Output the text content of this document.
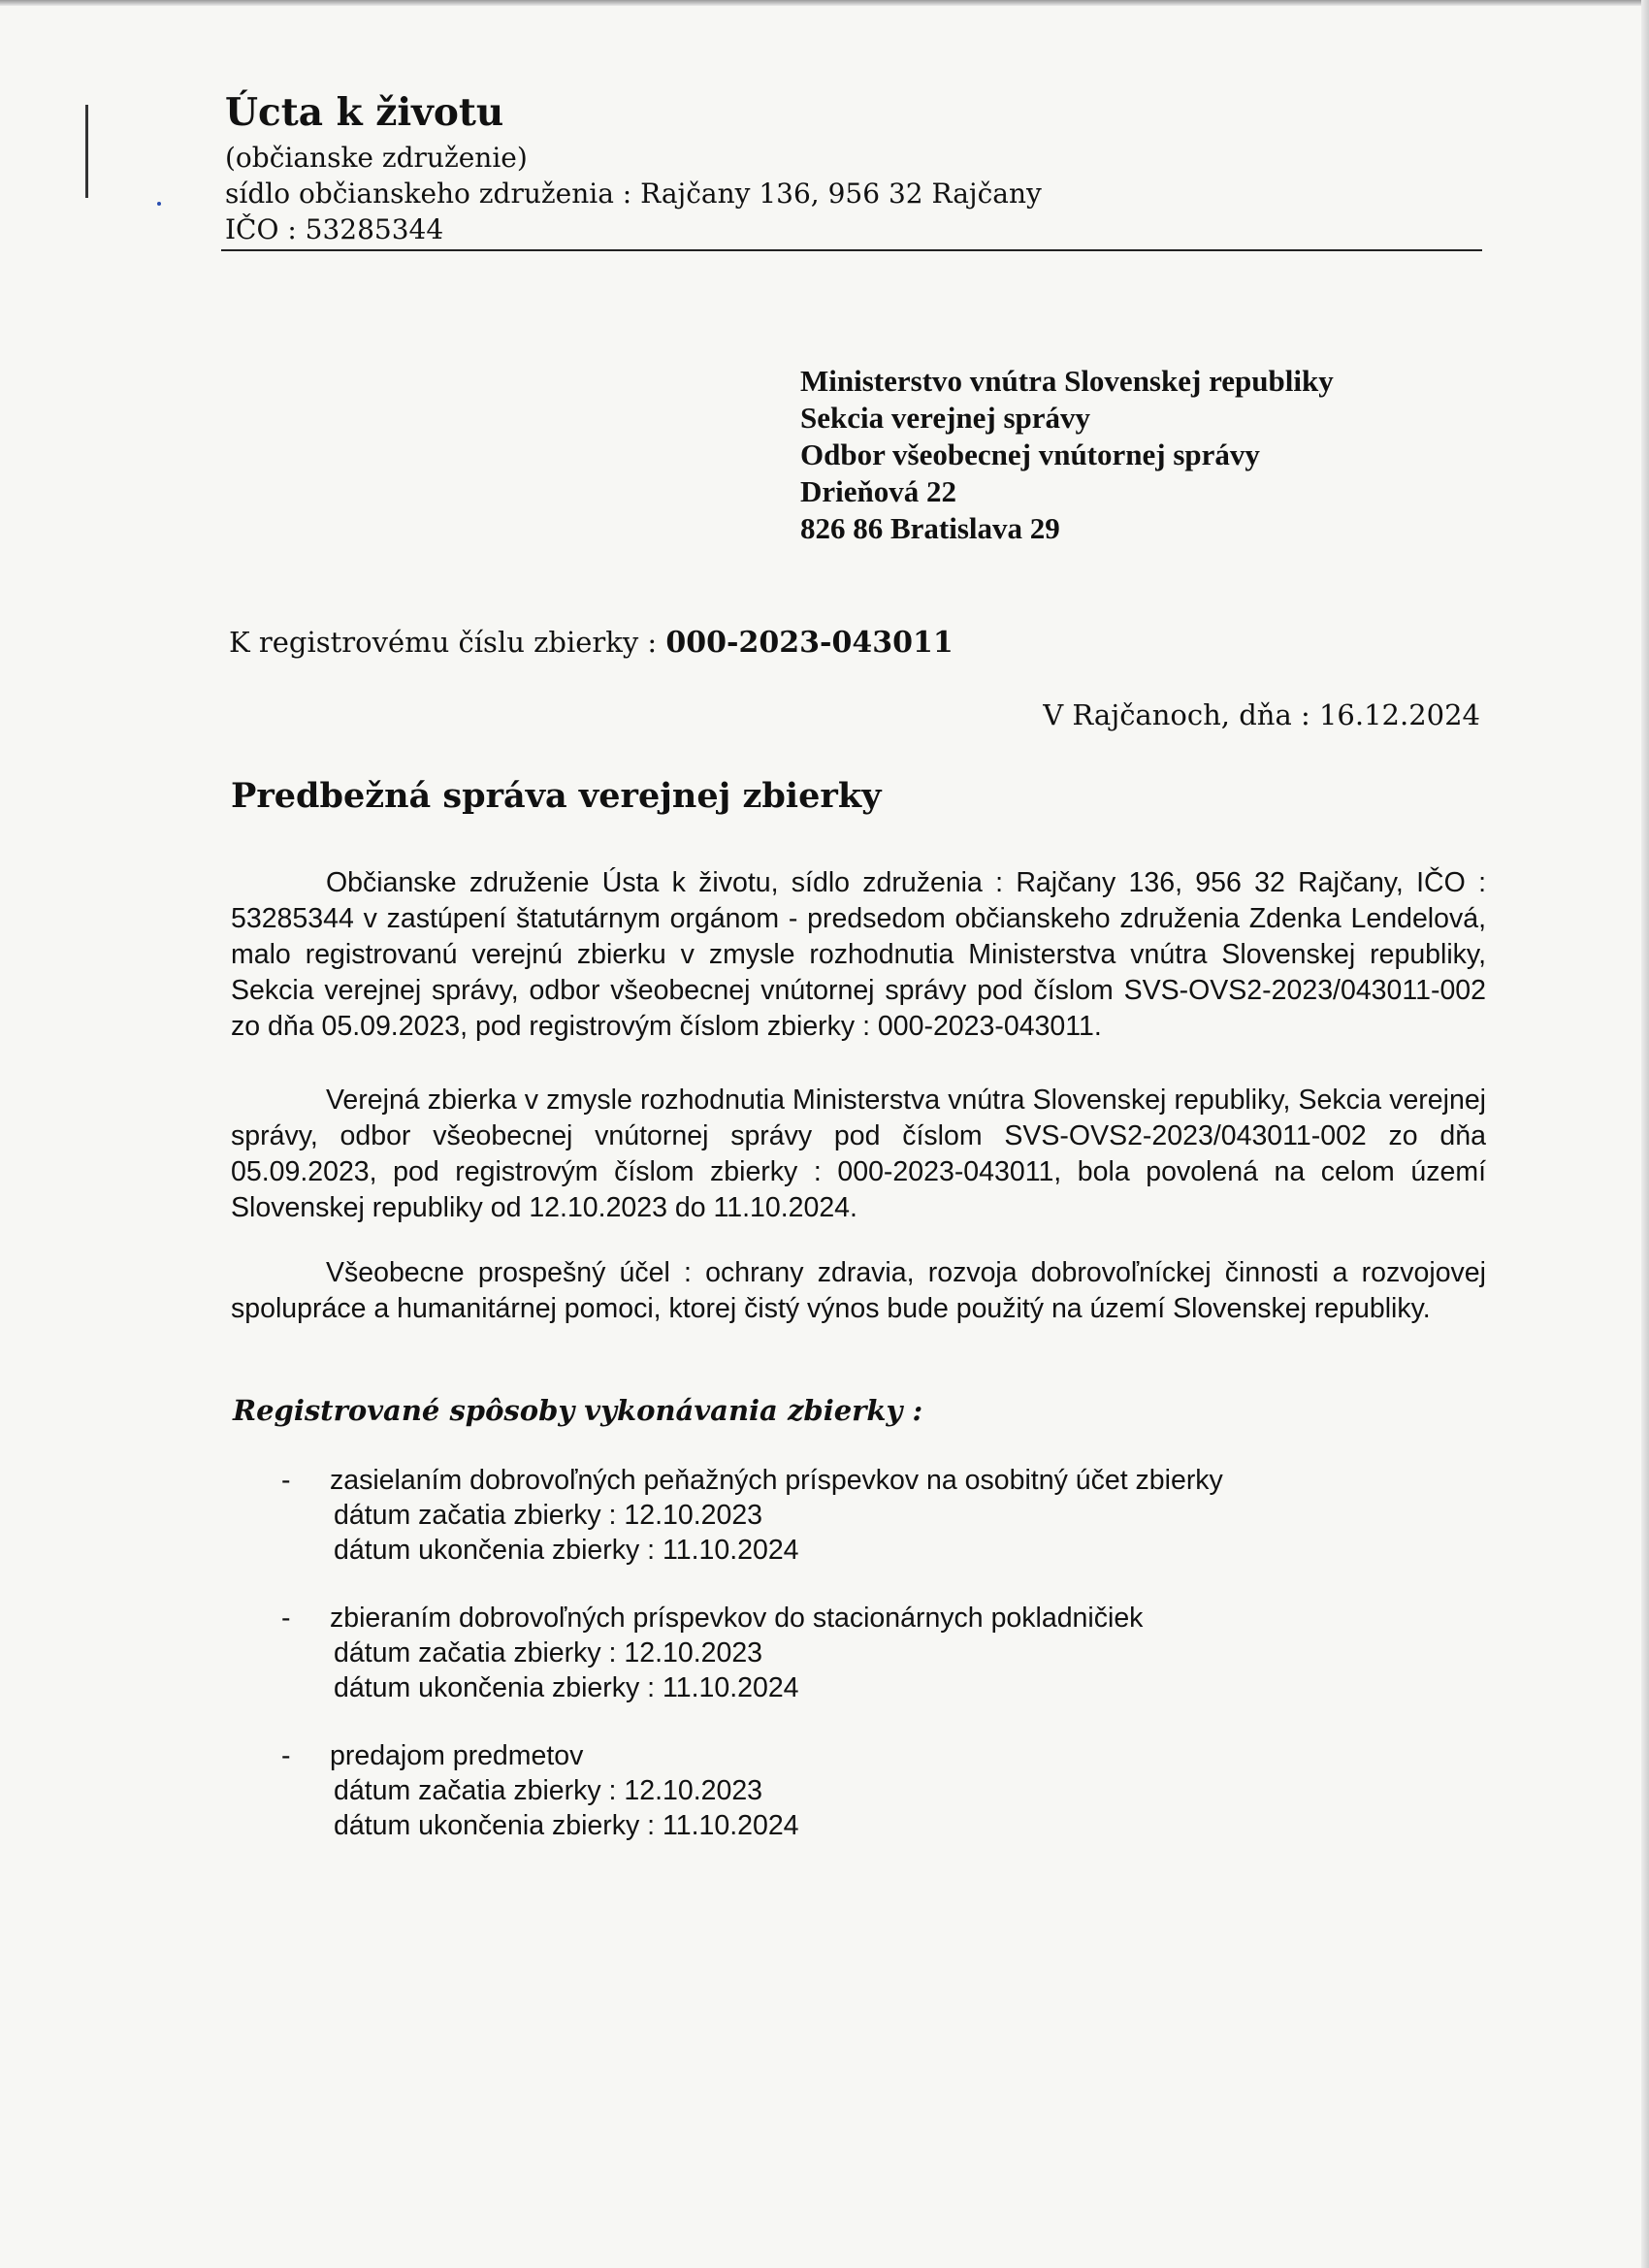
Úcta k životu
(občianske združenie)
sídlo občianskeho združenia : Rajčany 136, 956 32 Rajčany
IČO : 53285344
Ministerstvo vnútra Slovenskej republiky
Sekcia verejnej správy
Odbor všeobecnej vnútornej správy
Drieňová 22
826 86 Bratislava 29
K registrovému číslu zbierky : 000-2023-043011
V Rajčanoch, dňa : 16.12.2024
Predbežná správa verejnej zbierky
Občianske združenie Ústa k životu, sídlo združenia : Rajčany 136, 956 32 Rajčany, IČO : 53285344 v zastúpení štatutárnym orgánom - predsedom občianskeho združenia Zdenka Lendelová, malo registrovanú verejnú zbierku v zmysle rozhodnutia Ministerstva vnútra Slovenskej republiky, Sekcia verejnej správy, odbor všeobecnej vnútornej správy pod číslom SVS-OVS2-2023/043011-002 zo dňa 05.09.2023, pod registrovým číslom zbierky : 000-2023-043011.
Verejná zbierka v zmysle rozhodnutia Ministerstva vnútra Slovenskej republiky, Sekcia verejnej správy, odbor všeobecnej vnútornej správy pod číslom SVS-OVS2-2023/043011-002 zo dňa 05.09.2023, pod registrovým číslom zbierky : 000-2023-043011, bola povolená na celom území Slovenskej republiky od 12.10.2023 do 11.10.2024.
Všeobecne prospešný účel : ochrany zdravia, rozvoja dobrovoľníckej činnosti a rozvojovej spolupráce a humanitárnej pomoci, ktorej čistý výnos bude použitý na území Slovenskej republiky.
Registrované spôsoby vykonávania zbierky :
- zasielaním dobrovoľných peňažných príspevkov na osobitný účet zbierky
dátum začatia zbierky : 12.10.2023
dátum ukončenia zbierky : 11.10.2024
- zbieraním dobrovoľných príspevkov do stacionárnych pokladničiek
dátum začatia zbierky : 12.10.2023
dátum ukončenia zbierky : 11.10.2024
- predajom predmetov
dátum začatia zbierky : 12.10.2023
dátum ukončenia zbierky : 11.10.2024
